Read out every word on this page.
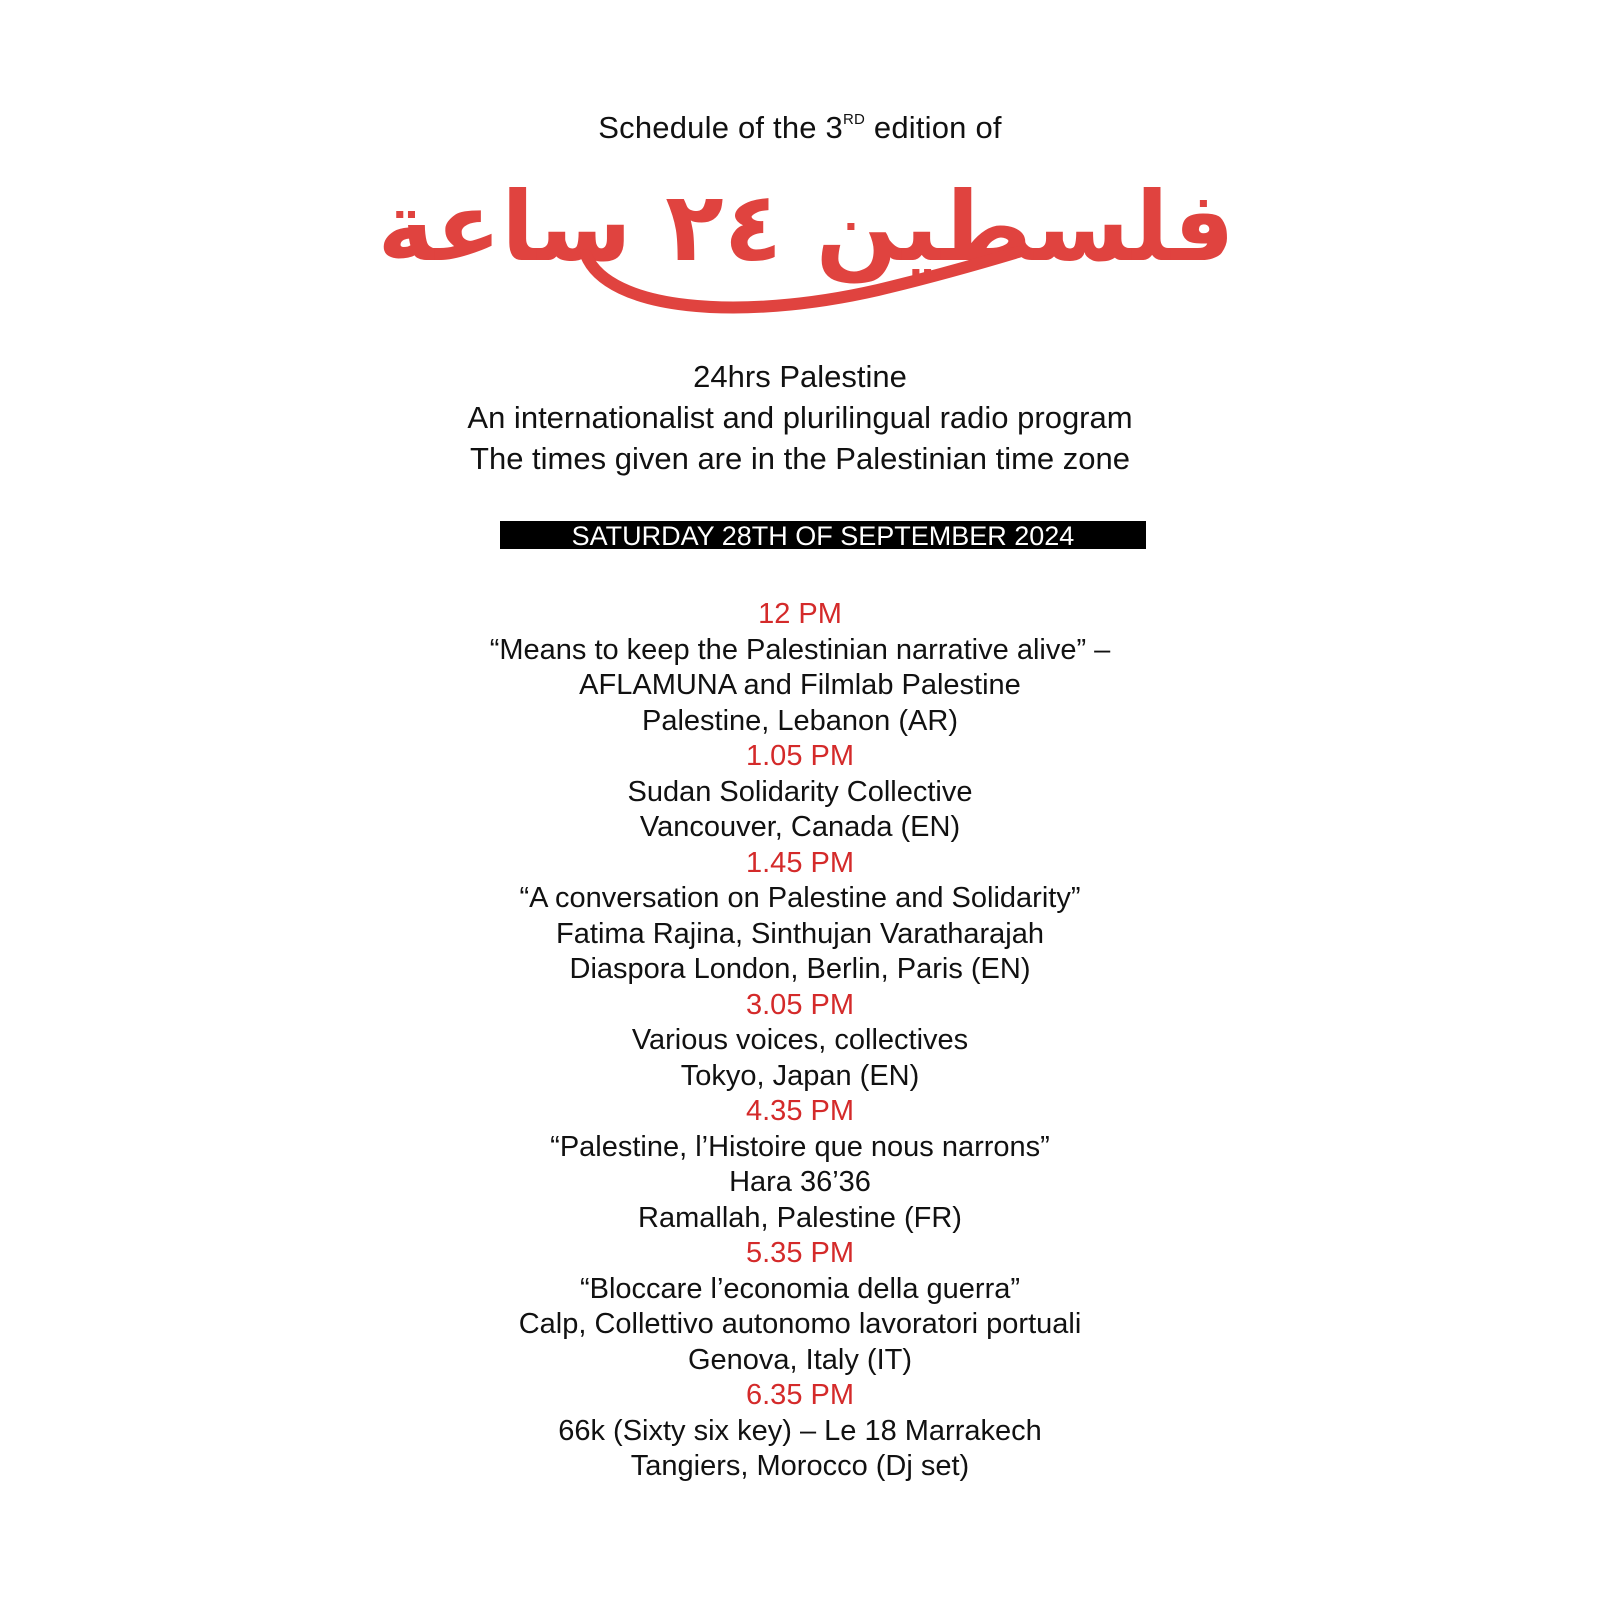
Schedule of the 3RD edition of
فلسطين ٢٤ ساعة
24hrs Palestine
An internationalist and plurilingual radio program
The times given are in the Palestinian time zone
SATURDAY 28TH OF SEPTEMBER 2024
12 PM
“Means to keep the Palestinian narrative alive” –
AFLAMUNA and Filmlab Palestine
Palestine, Lebanon (AR)
1.05 PM
Sudan Solidarity Collective
Vancouver, Canada (EN)
1.45 PM
“A conversation on Palestine and Solidarity”
Fatima Rajina, Sinthujan Varatharajah
Diaspora London, Berlin, Paris (EN)
3.05 PM
Various voices, collectives
Tokyo, Japan (EN)
4.35 PM
“Palestine, l’Histoire que nous narrons”
Hara 36’36
Ramallah, Palestine (FR)
5.35 PM
“Bloccare l’economia della guerra”
Calp, Collettivo autonomo lavoratori portuali
Genova, Italy (IT)
6.35 PM
66k (Sixty six key) – Le 18 Marrakech
Tangiers, Morocco (Dj set)
